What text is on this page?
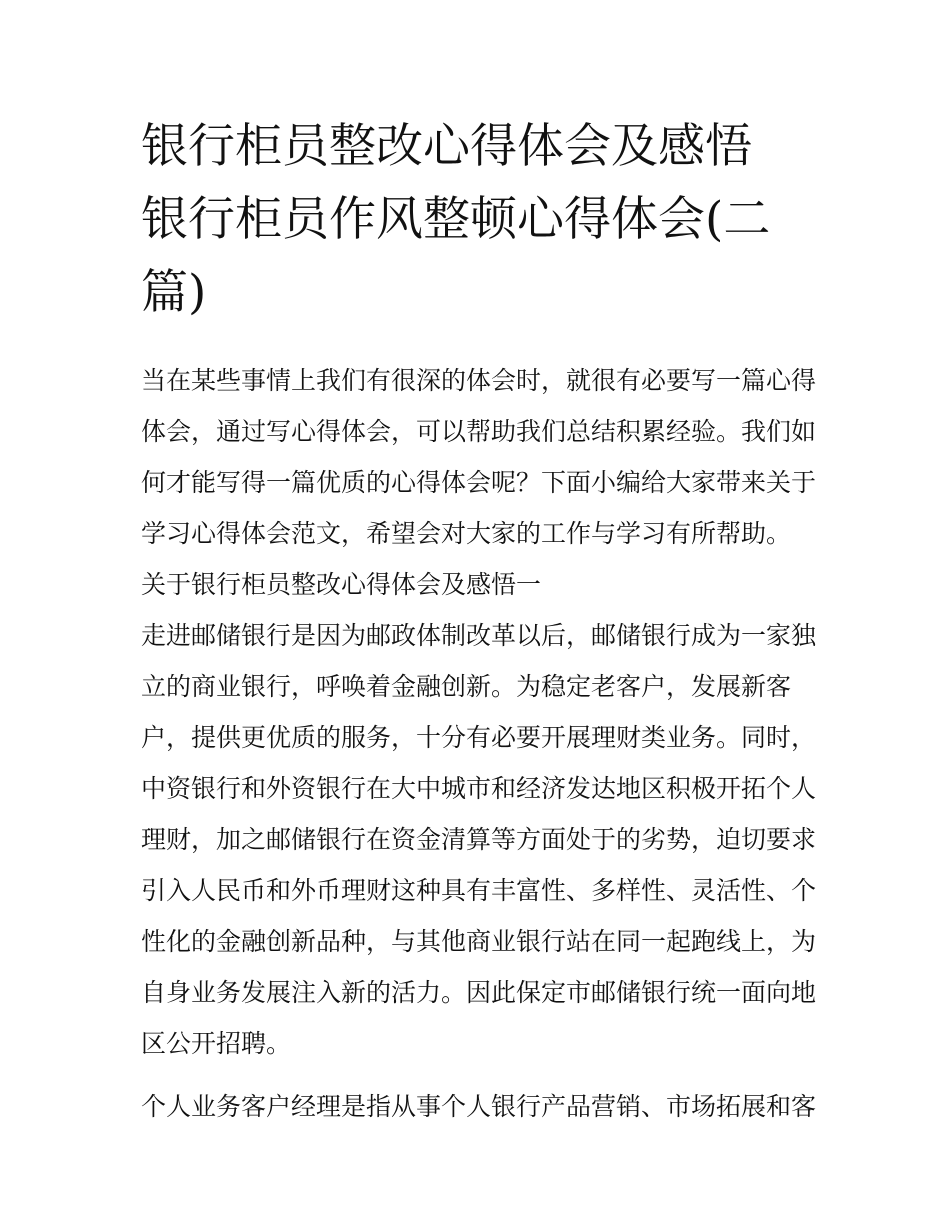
银行柜员整改心得体会及感悟
银行柜员作风整顿心得体会(二
篇)

当在某些事情上我们有很深的体会时，就很有必要写一篇心得
体会，通过写心得体会，可以帮助我们总结积累经验。我们如
何才能写得一篇优质的心得体会呢？下面小编给大家带来关于
学习心得体会范文，希望会对大家的工作与学习有所帮助。

关于银行柜员整改心得体会及感悟一

走进邮储银行是因为邮政体制改革以后，邮储银行成为一家独
立的商业银行，呼唤着金融创新。为稳定老客户，发展新客
户，提供更优质的服务，十分有必要开展理财类业务。同时，
中资银行和外资银行在大中城市和经济发达地区积极开拓个人
理财，加之邮储银行在资金清算等方面处于的劣势，迫切要求
引入人民币和外币理财这种具有丰富性、多样性、灵活性、个
性化的金融创新品种，与其他商业银行站在同一起跑线上，为
自身业务发展注入新的活力。因此保定市邮储银行统一面向地
区公开招聘。

个人业务客户经理是指从事个人银行产品营销、市场拓展和客
